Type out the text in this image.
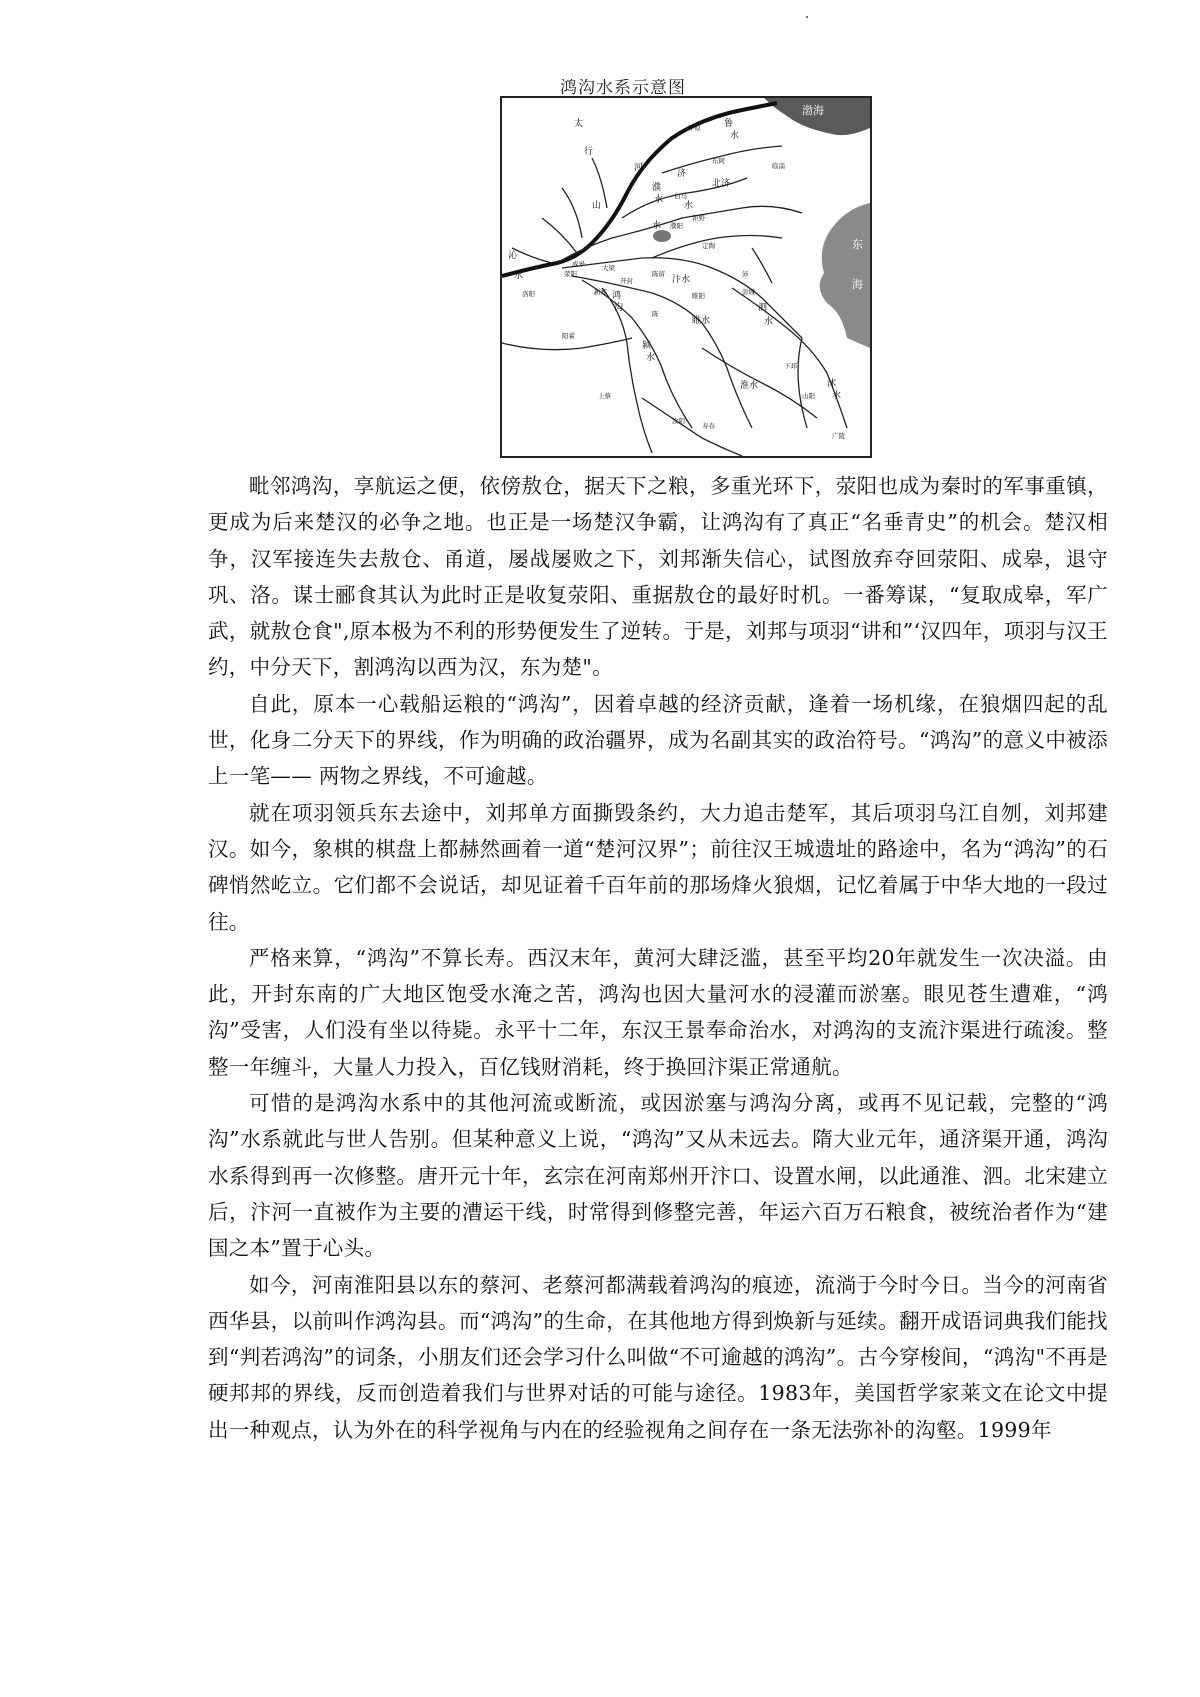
鸿沟水系示意图
渤海
东
海
太
行
山
沁
水
河
水
济
水
濮
水
鸿
沟
汴水
睢水
颍
水
泗
水
淮水	沭
水
鲁
水
北济
平原
濮阳
白马
东阿
定陶
荥阳
成皋
洛阳
开封
陈留
睢阳
陈
彭城
沛
下邳
寿春
新郑
阳翟
上蔡
汝阴
钜野
大梁
广陵
山阳
临淄

毗邻鸿沟，享航运之便，依傍敖仓，据天下之粮，多重光环下，荥阳也成为秦时的军事重镇，更成为后来楚汉的必争之地。也正是一场楚汉争霸，让鸿沟有了真正“名垂青史”的机会。楚汉相争，汉军接连失去敖仓、甬道，屡战屡败之下，刘邦渐失信心，试图放弃夺回荥阳、成皋，退守巩、洛。谋士郦食其认为此时正是收复荥阳、重据敖仓的最好时机。一番筹谋，“复取成皋，军广武，就敖仓食",原本极为不利的形势便发生了逆转。于是，刘邦与项羽“讲和”‘汉四年，项羽与汉王约，中分天下，割鸿沟以西为汉，东为楚"。

自此，原本一心载船运粮的“鸿沟”，因着卓越的经济贡献，逢着一场机缘，在狼烟四起的乱世，化身二分天下的界线，作为明确的政治疆界，成为名副其实的政治符号。“鸿沟”的意义中被添上一笔—— 两物之界线，不可逾越。

就在项羽领兵东去途中，刘邦单方面撕毁条约，大力追击楚军，其后项羽乌江自刎，刘邦建汉。如今，象棋的棋盘上都赫然画着一道“楚河汉界”；前往汉王城遗址的路途中，名为“鸿沟”的石碑悄然屹立。它们都不会说话，却见证着千百年前的那场烽火狼烟，记忆着属于中华大地的一段过往。

严格来算，“鸿沟”不算长寿。西汉末年，黄河大肆泛滥，甚至平均20年就发生一次决溢。由此，开封东南的广大地区饱受水淹之苦，鸿沟也因大量河水的浸灌而淤塞。眼见苍生遭难，“鸿沟”受害，人们没有坐以待毙。永平十二年，东汉王景奉命治水，对鸿沟的支流汴渠进行疏浚。整整一年缠斗，大量人力投入，百亿钱财消耗，终于换回汴渠正常通航。

可惜的是鸿沟水系中的其他河流或断流，或因淤塞与鸿沟分离，或再不见记载，完整的“鸿沟”水系就此与世人告别。但某种意义上说，“鸿沟”又从未远去。隋大业元年，通济渠开通，鸿沟水系得到再一次修整。唐开元十年，玄宗在河南郑州开汴口、设置水闸，以此通淮、泗。北宋建立后，汴河一直被作为主要的漕运干线，时常得到修整完善，年运六百万石粮食，被统治者作为“建国之本”置于心头。

如今，河南淮阳县以东的蔡河、老蔡河都满载着鸿沟的痕迹，流淌于今时今日。当今的河南省西华县，以前叫作鸿沟县。而“鸿沟”的生命，在其他地方得到焕新与延续。翻开成语词典我们能找到“判若鸿沟”的词条，小朋友们还会学习什么叫做“不可逾越的鸿沟”。古今穿梭间，“鸿沟"不再是硬邦邦的界线，反而创造着我们与世界对话的可能与途径。1983年，美国哲学家莱文在论文中提出一种观点，认为外在的科学视角与内在的经验视角之间存在一条无法弥补的沟壑。1999年
